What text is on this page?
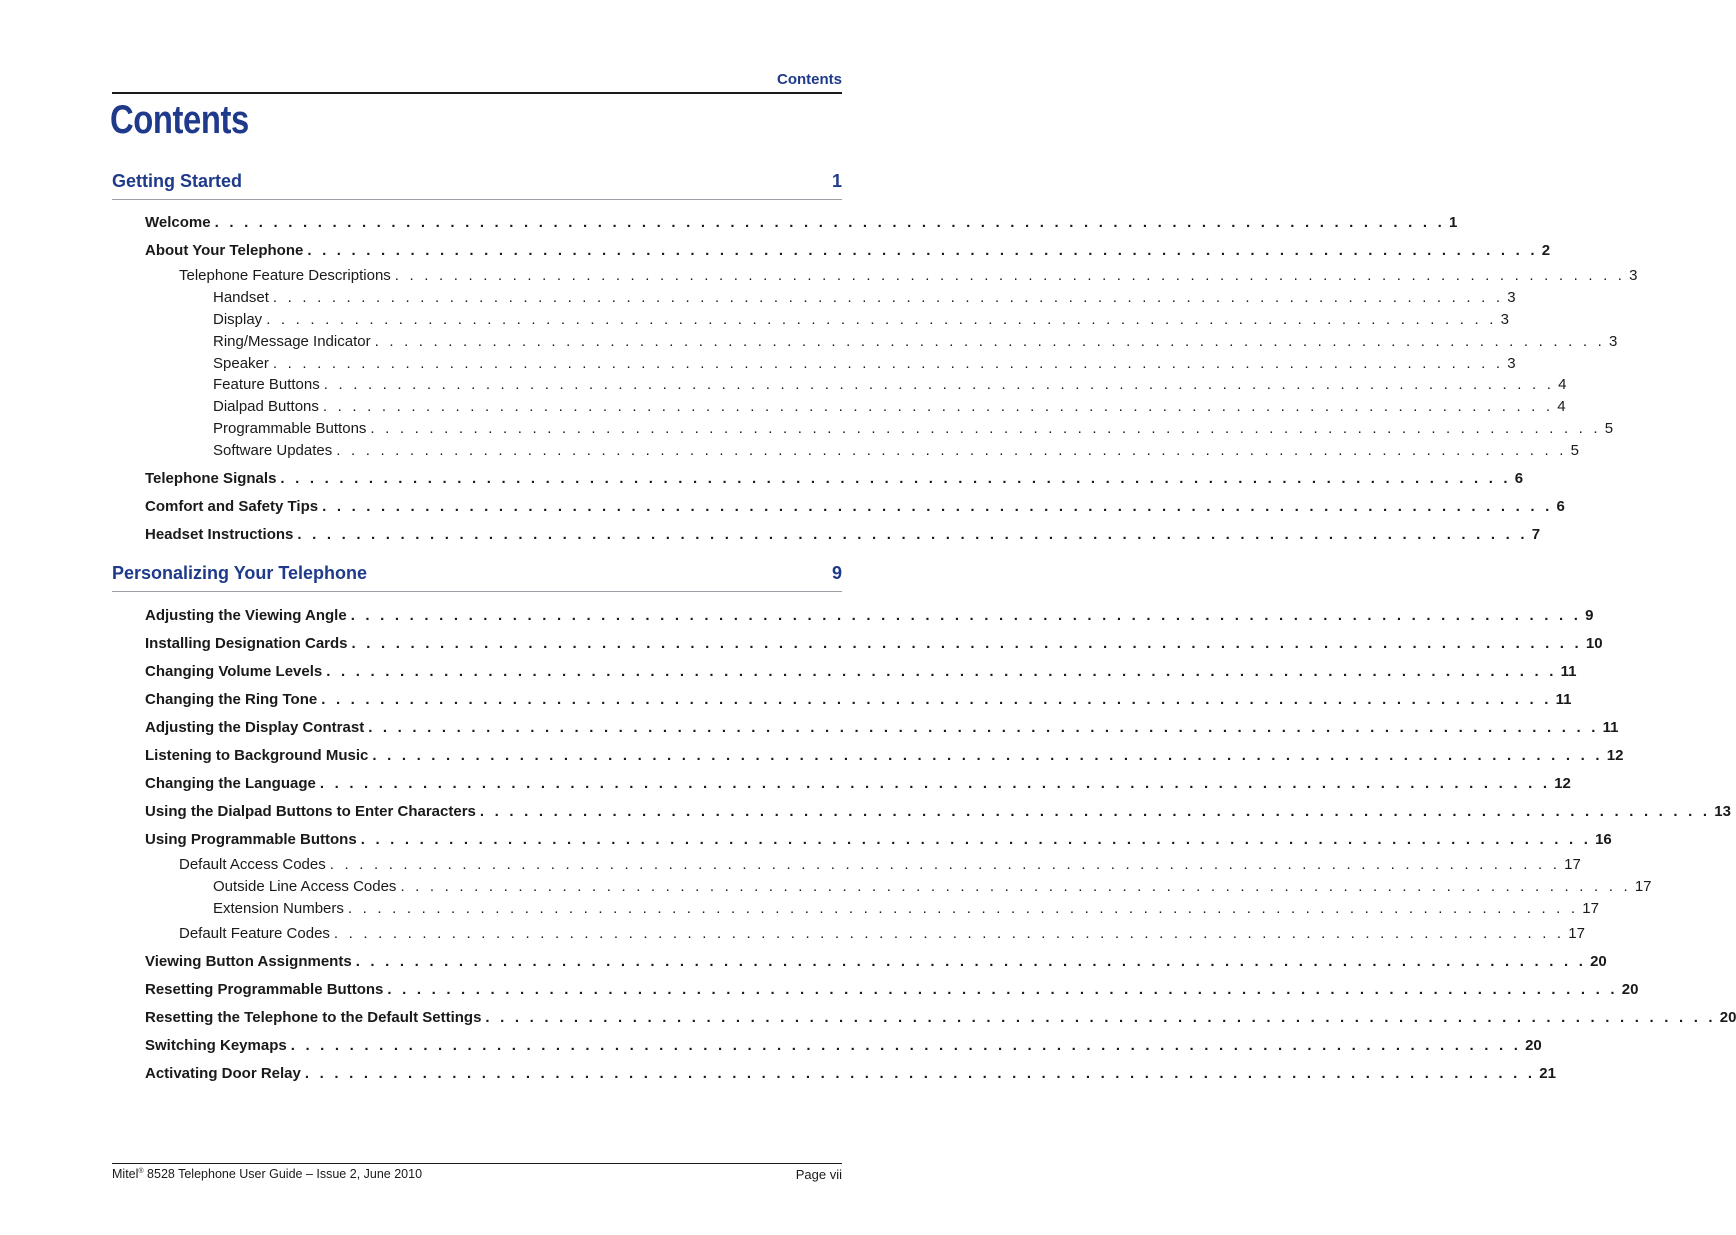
Contents
Contents
Getting Started	1
Welcome . . . . . . . . . . . . . . . . . . . . . . . . . . . . . . . . . . . . . . . . . . . . . . . . . . . . . . . . . . . . . . . . . . . . . . . . . . . . . . . . . . . . 1
About Your Telephone . . . . . . . . . . . . . . . . . . . . . . . . . . . . . . . . . . . . . . . . . . . . . . . . . . . . . . . . . . . . . . . . . . . . . . . . . . . . . . . . . . . . 2
Telephone Feature Descriptions . . . . . . . . . . . . . . . . . . . . . . . . . . . . . . . . . . . . . . . . . . . . . . . . . . . . . . . . . . . . . . . . . . . . . . . . . . . . . . . . . . . . 3
Handset . . . . . . . . . . . . . . . . . . . . . . . . . . . . . . . . . . . . . . . . . . . . . . . . . . . . . . . . . . . . . . . . . . . . . . . . . . . . . . . . . . . . 3
Display . . . . . . . . . . . . . . . . . . . . . . . . . . . . . . . . . . . . . . . . . . . . . . . . . . . . . . . . . . . . . . . . . . . . . . . . . . . . . . . . . . . . 3
Ring/Message Indicator . . . . . . . . . . . . . . . . . . . . . . . . . . . . . . . . . . . . . . . . . . . . . . . . . . . . . . . . . . . . . . . . . . . . . . . . . . . . . . . . . . . . 3
Speaker . . . . . . . . . . . . . . . . . . . . . . . . . . . . . . . . . . . . . . . . . . . . . . . . . . . . . . . . . . . . . . . . . . . . . . . . . . . . . . . . . . . . 3
Feature Buttons . . . . . . . . . . . . . . . . . . . . . . . . . . . . . . . . . . . . . . . . . . . . . . . . . . . . . . . . . . . . . . . . . . . . . . . . . . . . . . . . . . . . 4
Dialpad Buttons . . . . . . . . . . . . . . . . . . . . . . . . . . . . . . . . . . . . . . . . . . . . . . . . . . . . . . . . . . . . . . . . . . . . . . . . . . . . . . . . . . . . 4
Programmable Buttons . . . . . . . . . . . . . . . . . . . . . . . . . . . . . . . . . . . . . . . . . . . . . . . . . . . . . . . . . . . . . . . . . . . . . . . . . . . . . . . . . . . . 5
Software Updates . . . . . . . . . . . . . . . . . . . . . . . . . . . . . . . . . . . . . . . . . . . . . . . . . . . . . . . . . . . . . . . . . . . . . . . . . . . . . . . . . . . . 5
Telephone Signals . . . . . . . . . . . . . . . . . . . . . . . . . . . . . . . . . . . . . . . . . . . . . . . . . . . . . . . . . . . . . . . . . . . . . . . . . . . . . . . . . . . . 6
Comfort and Safety Tips . . . . . . . . . . . . . . . . . . . . . . . . . . . . . . . . . . . . . . . . . . . . . . . . . . . . . . . . . . . . . . . . . . . . . . . . . . . . . . . . . . . . 6
Headset Instructions . . . . . . . . . . . . . . . . . . . . . . . . . . . . . . . . . . . . . . . . . . . . . . . . . . . . . . . . . . . . . . . . . . . . . . . . . . . . . . . . . . . . 7
Personalizing Your Telephone	9
Adjusting the Viewing Angle . . . . . . . . . . . . . . . . . . . . . . . . . . . . . . . . . . . . . . . . . . . . . . . . . . . . . . . . . . . . . . . . . . . . . . . . . . . . . . . . . . . . 9
Installing Designation Cards . . . . . . . . . . . . . . . . . . . . . . . . . . . . . . . . . . . . . . . . . . . . . . . . . . . . . . . . . . . . . . . . . . . . . . . . . . . . . . . . . . . . 10
Changing Volume Levels . . . . . . . . . . . . . . . . . . . . . . . . . . . . . . . . . . . . . . . . . . . . . . . . . . . . . . . . . . . . . . . . . . . . . . . . . . . . . . . . . . . . 11
Changing the Ring Tone . . . . . . . . . . . . . . . . . . . . . . . . . . . . . . . . . . . . . . . . . . . . . . . . . . . . . . . . . . . . . . . . . . . . . . . . . . . . . . . . . . . . 11
Adjusting the Display Contrast . . . . . . . . . . . . . . . . . . . . . . . . . . . . . . . . . . . . . . . . . . . . . . . . . . . . . . . . . . . . . . . . . . . . . . . . . . . . . . . . . . . . 11
Listening to Background Music . . . . . . . . . . . . . . . . . . . . . . . . . . . . . . . . . . . . . . . . . . . . . . . . . . . . . . . . . . . . . . . . . . . . . . . . . . . . . . . . . . . . 12
Changing the Language . . . . . . . . . . . . . . . . . . . . . . . . . . . . . . . . . . . . . . . . . . . . . . . . . . . . . . . . . . . . . . . . . . . . . . . . . . . . . . . . . . . . 12
Using the Dialpad Buttons to Enter Characters . . . . . . . . . . . . . . . . . . . . . . . . . . . . . . . . . . . . . . . . . . . . . . . . . . . . . . . . . . . . . . . . . . . . . . . . . . . . . . . . . . . . 13
Using Programmable Buttons . . . . . . . . . . . . . . . . . . . . . . . . . . . . . . . . . . . . . . . . . . . . . . . . . . . . . . . . . . . . . . . . . . . . . . . . . . . . . . . . . . . . 16
Default Access Codes . . . . . . . . . . . . . . . . . . . . . . . . . . . . . . . . . . . . . . . . . . . . . . . . . . . . . . . . . . . . . . . . . . . . . . . . . . . . . . . . . . . . 17
Outside Line Access Codes . . . . . . . . . . . . . . . . . . . . . . . . . . . . . . . . . . . . . . . . . . . . . . . . . . . . . . . . . . . . . . . . . . . . . . . . . . . . . . . . . . . . 17
Extension Numbers . . . . . . . . . . . . . . . . . . . . . . . . . . . . . . . . . . . . . . . . . . . . . . . . . . . . . . . . . . . . . . . . . . . . . . . . . . . . . . . . . . . . 17
Default Feature Codes . . . . . . . . . . . . . . . . . . . . . . . . . . . . . . . . . . . . . . . . . . . . . . . . . . . . . . . . . . . . . . . . . . . . . . . . . . . . . . . . . . . . 17
Viewing Button Assignments . . . . . . . . . . . . . . . . . . . . . . . . . . . . . . . . . . . . . . . . . . . . . . . . . . . . . . . . . . . . . . . . . . . . . . . . . . . . . . . . . . . . 20
Resetting Programmable Buttons . . . . . . . . . . . . . . . . . . . . . . . . . . . . . . . . . . . . . . . . . . . . . . . . . . . . . . . . . . . . . . . . . . . . . . . . . . . . . . . . . . . . 20
Resetting the Telephone to the Default Settings . . . . . . . . . . . . . . . . . . . . . . . . . . . . . . . . . . . . . . . . . . . . . . . . . . . . . . . . . . . . . . . . . . . . . . . . . . . . . . . . . . . . 20
Switching Keymaps . . . . . . . . . . . . . . . . . . . . . . . . . . . . . . . . . . . . . . . . . . . . . . . . . . . . . . . . . . . . . . . . . . . . . . . . . . . . . . . . . . . . 20
Activating Door Relay . . . . . . . . . . . . . . . . . . . . . . . . . . . . . . . . . . . . . . . . . . . . . . . . . . . . . . . . . . . . . . . . . . . . . . . . . . . . . . . . . . . . 21
Mitel® 8528 Telephone User Guide – Issue 2, June 2010	Page vii
